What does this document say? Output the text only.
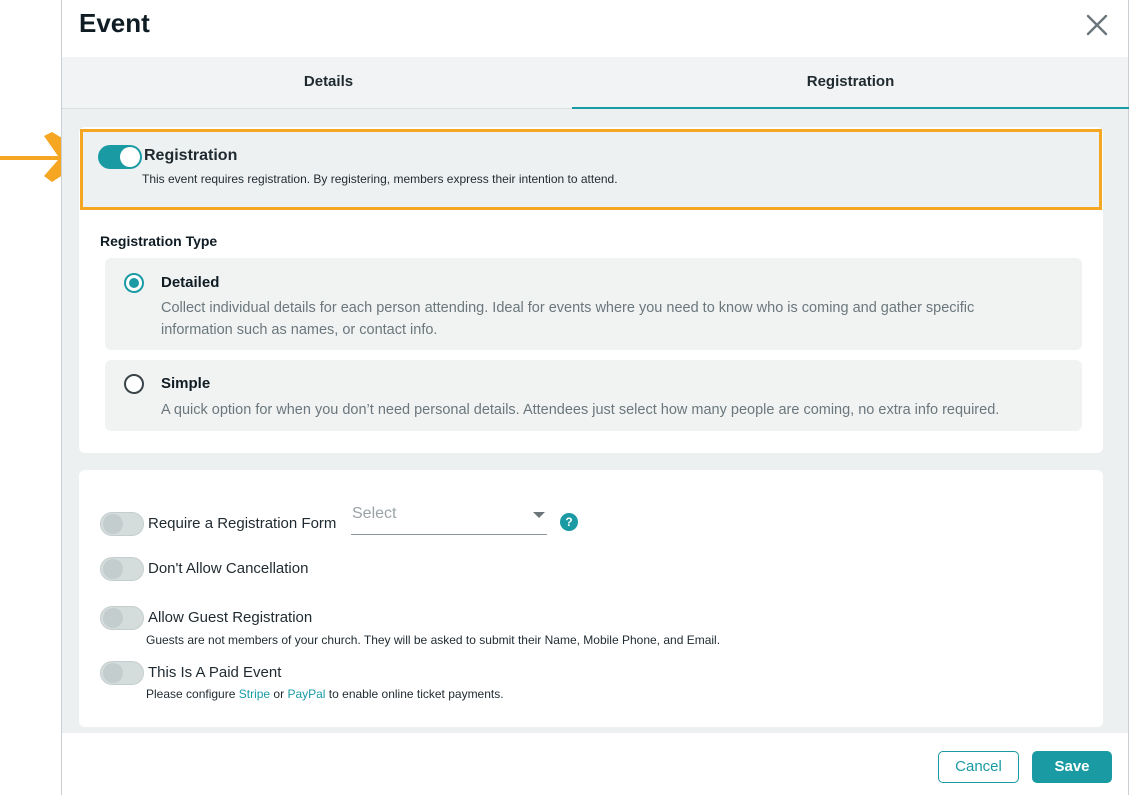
Event
Details	Registration
Registration
This event requires registration. By registering, members express their intention to attend.
Registration Type
Detailed
Collect individual details for each person attending. Ideal for events where you need to know who is coming and gather specific information such as names, or contact info.
Simple
A quick option for when you don’t need personal details. Attendees just select how many people are coming, no extra info required.
Require a Registration Form
Select	?
Don't Allow Cancellation
Allow Guest Registration
Guests are not members of your church. They will be asked to submit their Name, Mobile Phone, and Email.
This Is A Paid Event
Please configure Stripe or PayPal to enable online ticket payments.
Cancel	Save
